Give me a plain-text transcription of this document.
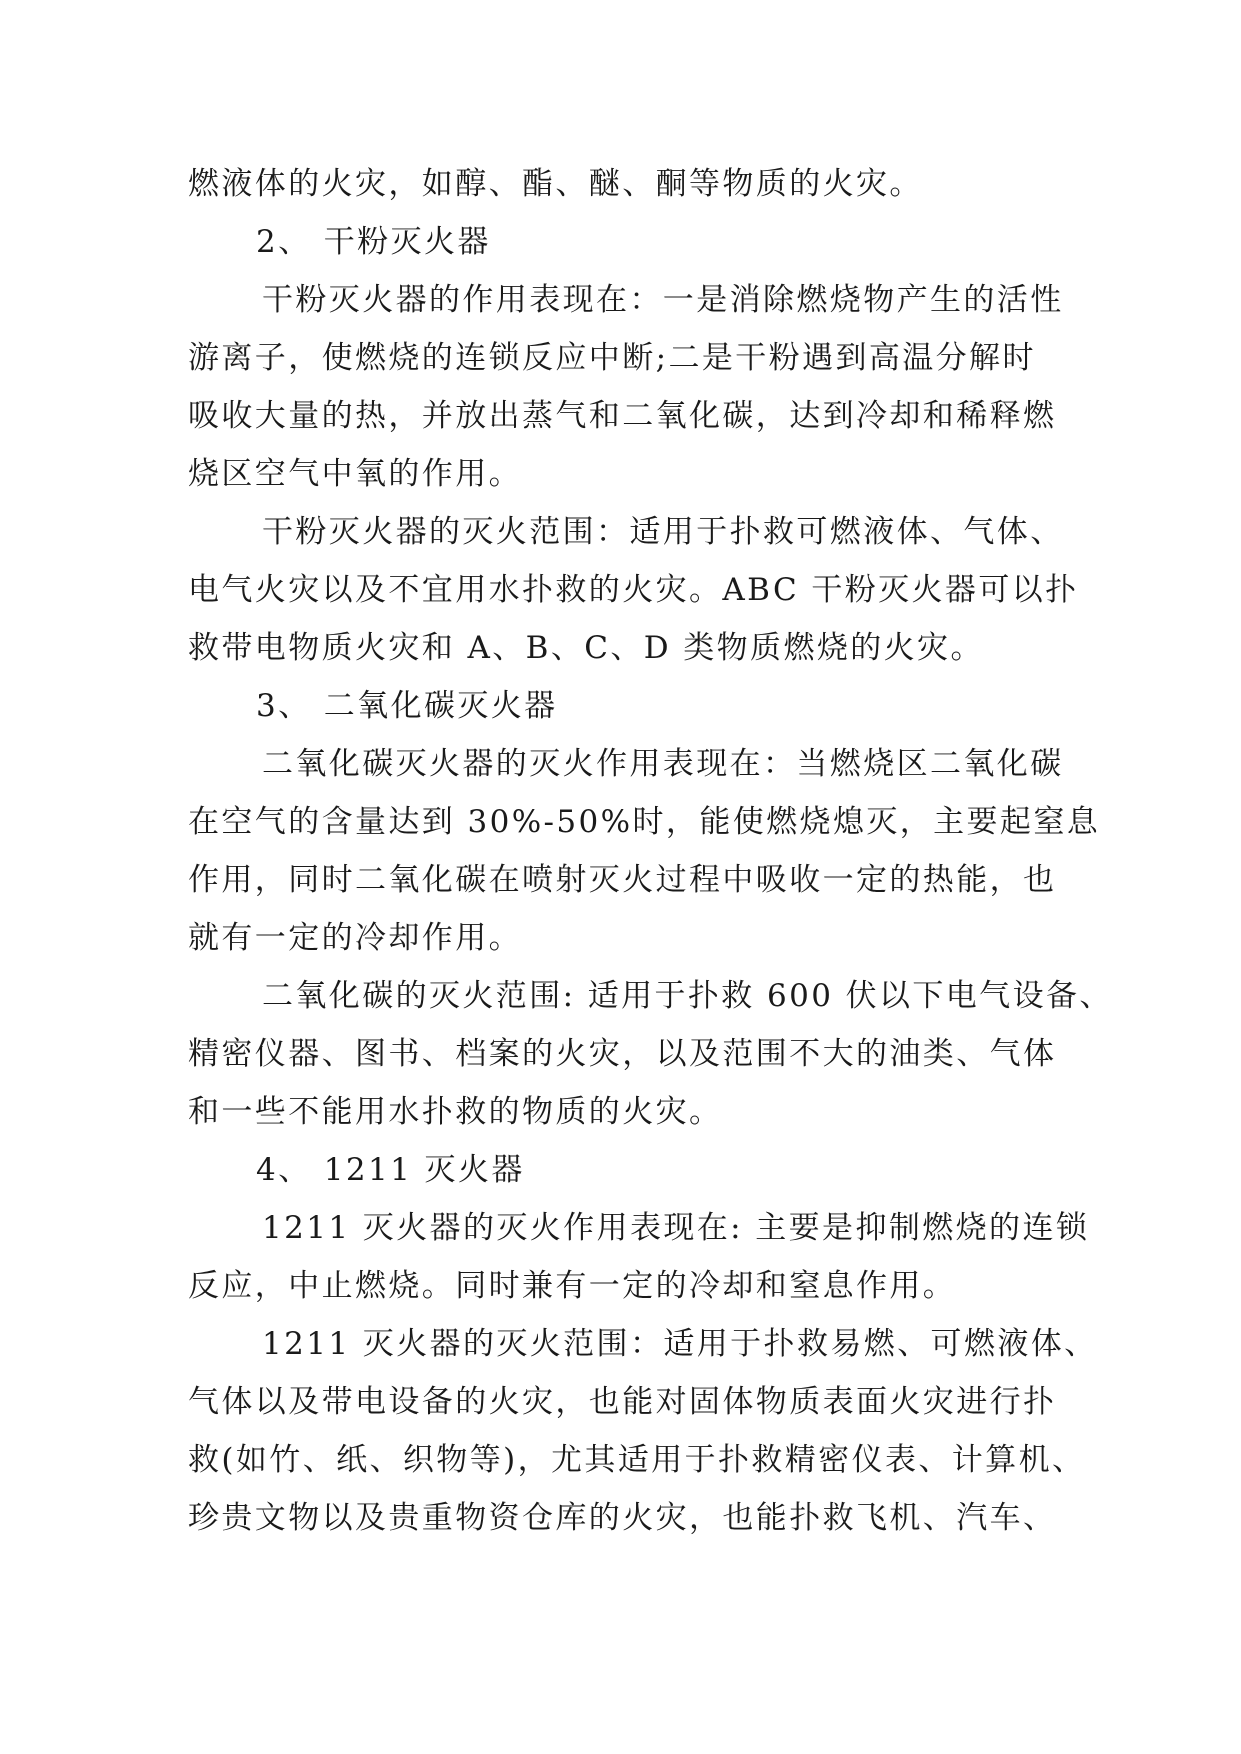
燃液体的火灾，如醇、酯、醚、酮等物质的火灾。
2、 干粉灭火器
干粉灭火器的作用表现在：一是消除燃烧物产生的活性
游离子，使燃烧的连锁反应中断;二是干粉遇到高温分解时
吸收大量的热，并放出蒸气和二氧化碳，达到冷却和稀释燃
烧区空气中氧的作用。
干粉灭火器的灭火范围：适用于扑救可燃液体、气体、
电气火灾以及不宜用水扑救的火灾。ABC 干粉灭火器可以扑
救带电物质火灾和 A、B、C、D 类物质燃烧的火灾。
3、 二氧化碳灭火器
二氧化碳灭火器的灭火作用表现在：当燃烧区二氧化碳
在空气的含量达到 30%-50%时，能使燃烧熄灭，主要起窒息
作用，同时二氧化碳在喷射灭火过程中吸收一定的热能，也
就有一定的冷却作用。
二氧化碳的灭火范围: 适用于扑救 600 伏以下电气设备、
精密仪器、图书、档案的火灾，以及范围不大的油类、气体
和一些不能用水扑救的物质的火灾。
4、 1211 灭火器
1211 灭火器的灭火作用表现在: 主要是抑制燃烧的连锁
反应，中止燃烧。同时兼有一定的冷却和窒息作用。
1211 灭火器的灭火范围：适用于扑救易燃、可燃液体、
气体以及带电设备的火灾，也能对固体物质表面火灾进行扑
救(如竹、纸、织物等)，尤其适用于扑救精密仪表、计算机、
珍贵文物以及贵重物资仓库的火灾，也能扑救飞机、汽车、
